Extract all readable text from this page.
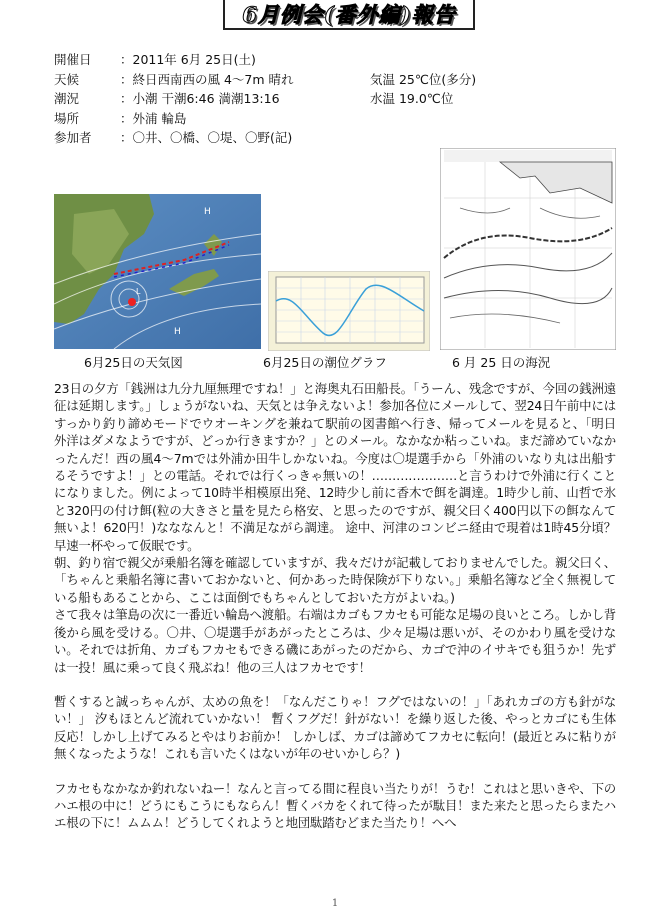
6月例会(番外編)報告
開催日	：2011年 6月 25日(土)
天候	：終日西南西の風 4～7m 晴れ	気温 25℃位(多分)
潮況	：小潮 干潮6:46 満潮13:16	水温 19.0℃位
場所	：外浦 輪島
参加者	：〇井、〇橋、〇堤、〇野(記)
H
H
L
6月25日の天気図	6月25日の潮位グラフ	6 月 25 日の海況

23日の夕方「銭洲は九分九厘無理ですね！」と海奥丸石田船長。「うーん、残念ですが、今回の銭洲遠征は延期します。」しょうがないね、天気とは争えないよ！参加各位にメールして、翌24日午前中にはすっかり釣り諦めモードでウオーキングを兼ねて駅前の図書館へ行き、帰ってメールを見ると、「明日 外洋はダメなようですが、どっか行きますか？」とのメール。なかなか粘っこいね。まだ諦めていなかったんだ！西の風4～7mでは外浦か田牛しかないね。今度は〇堤選手から「外浦のいなり丸は出船するそうですよ！」との電話。それでは行くっきゃ無いの！…………………と言うわけで外浦に行くことになりました。例によって10時半相模原出発、12時少し前に香木で餌を調達。1時少し前、山哲で氷と320円の付け餌(粒の大きさと量を見たら格安、と思ったのですが、親父曰く400円以下の餌なんて無いよ！620円！)なななんと！不満足ながら調達。 途中、河津のコンビニ経由で現着は1時45分頃？早速一杯やって仮眠です。

朝、釣り宿で親父が乗船名簿を確認していますが、我々だけが記載しておりませんでした。親父曰く、「ちゃんと乗船名簿に書いておかないと、何かあった時保険が下りない。」乗船名簿など全く無視している船もあることから、ここは面倒でもちゃんとしておいた方がよいね。)

さて我々は筆島の次に一番近い輪島へ渡船。右端はカゴもフカセも可能な足場の良いところ。しかし背後から風を受ける。〇井、〇堤選手があがったところは、少々足場は悪いが、そのかわり風を受けない。それでは折角、カゴもフカセもできる磯にあがったのだから、カゴで沖のイサキでも狙うか！先ずは一投！風に乗って良く飛ぶね！他の三人はフカセです！

暫くすると誠っちゃんが、太めの魚を！「なんだこりゃ！フグではないの！」「あれカゴの方も針がない！」 汐もほとんど流れていかない！ 暫くフグだ！針がない！を繰り返した後、やっとカゴにも生体反応！しかし上げてみるとやはりお前か！ しかしば、カゴは諦めてフカセに転向！(最近とみに粘りが無くなったような！これも言いたくはないが年のせいかしら？)

フカセもなかなか釣れないねー！なんと言ってる間に程良い当たりが！うむ！これはと思いきや、下のハエ根の中に！どうにもこうにもならん！暫くバカをくれて待ったが駄目！また来たと思ったらまたハエ根の下に！ムムム！どうしてくれようと地団駄踏むどまた当たり！へへ

1
